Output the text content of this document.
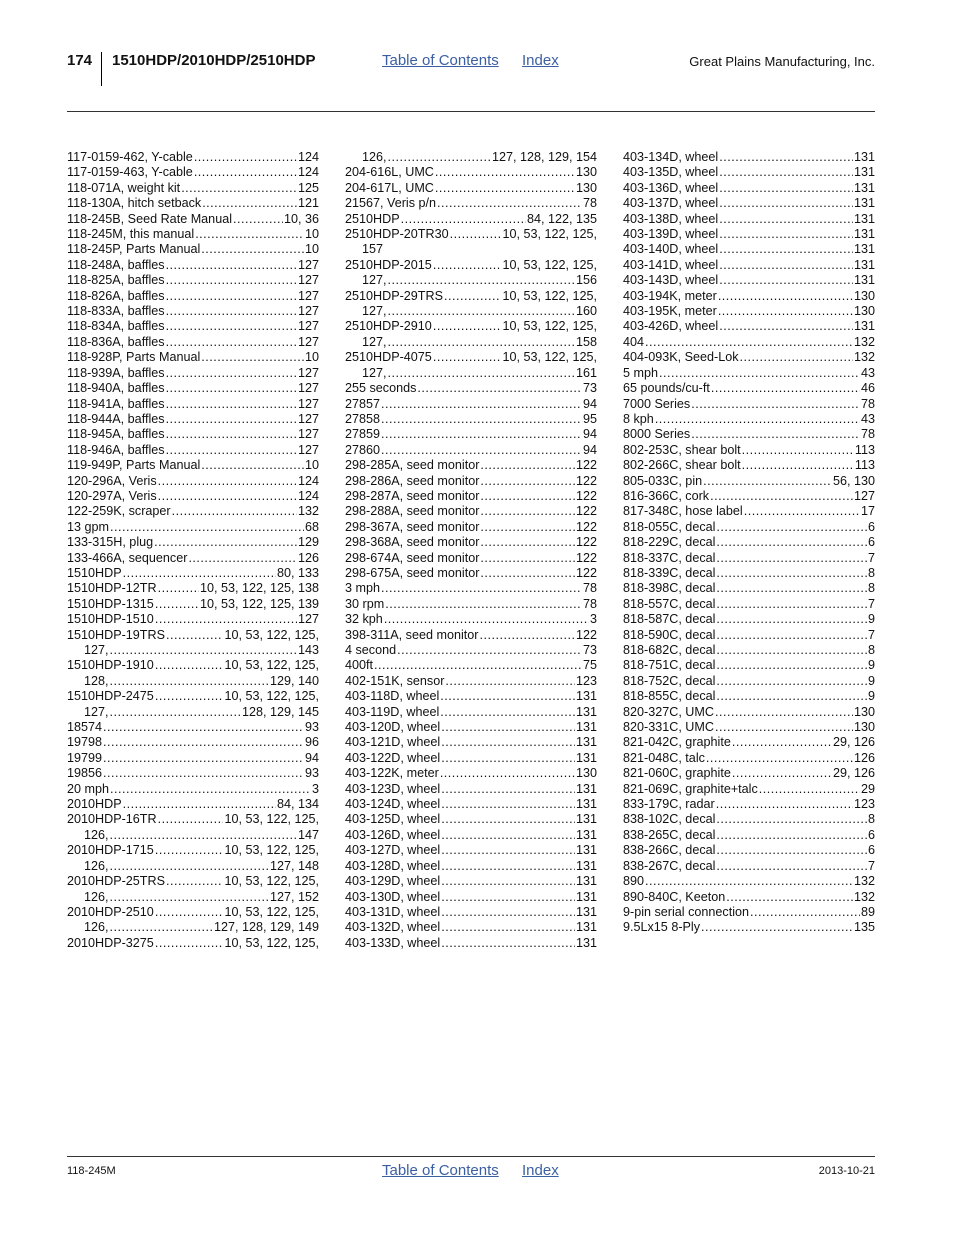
174 1510HDP/2010HDP/2510HDP	Table of Contents Index	Great Plains Manufacturing, Inc.
117-0159-462, Y-cable .....	124
117-0159-463, Y-cable .....	124
118-071A, weight kit .....	125
118-130A, hitch setback .....	121
118-245B, Seed Rate Manual .....	10, 36
118-245M, this manual .....	10
118-245P, Parts Manual .....	10
118-248A, baffles .....	127
118-825A, baffles .....	127
118-826A, baffles .....	127
118-833A, baffles .....	127
118-834A, baffles .....	127
118-836A, baffles .....	127
118-928P, Parts Manual .....	10
118-939A, baffles .....	127
118-940A, baffles .....	127
118-941A, baffles .....	127
118-944A, baffles .....	127
118-945A, baffles .....	127
118-946A, baffles .....	127
119-949P, Parts Manual .....	10
120-296A, Veris .....	124
120-297A, Veris .....	124
122-259K, scraper .....	132
13 gpm .....	68
133-315H, plug .....	129
133-466A, sequencer .....	126
1510HDP .....	80, 133
1510HDP-12TR .....	10, 53, 122, 125, 138
1510HDP-1315 .....	10, 53, 122, 125, 139
1510HDP-1510 .....	127
1510HDP-19TRS .....	10, 53, 122, 125,
127, .....	143
1510HDP-1910 .....	10, 53, 122, 125,
128, .....	129, 140
1510HDP-2475 .....	10, 53, 122, 125,
127, .....	128, 129, 145
18574 .....	93
19798 .....	96
19799 .....	94
19856 .....	93
20 mph .....	3
2010HDP .....	84, 134
2010HDP-16TR .....	10, 53, 122, 125,
126, .....	147
2010HDP-1715 .....	10, 53, 122, 125,
126, .....	127, 148
2010HDP-25TRS .....	10, 53, 122, 125,
126, .....	127, 152
2010HDP-2510 .....	10, 53, 122, 125,
126, .....	127, 128, 129, 149
2010HDP-3275 .....	10, 53, 122, 125,
126, .....	127, 128, 129, 154
204-616L, UMC .....	130
204-617L, UMC .....	130
21567, Veris p/n .....	78
2510HDP .....	84, 122, 135
2510HDP-20TR30 .....	10, 53, 122, 125,
157
2510HDP-2015 .....	10, 53, 122, 125,
127, .....	156
2510HDP-29TRS .....	10, 53, 122, 125,
127, .....	160
2510HDP-2910 .....	10, 53, 122, 125,
127, .....	158
2510HDP-4075 .....	10, 53, 122, 125,
127, .....	161
255 seconds .....	73
27857 .....	94
27858 .....	95
27859 .....	94
27860 .....	94
298-285A, seed monitor .....	122
298-286A, seed monitor .....	122
298-287A, seed monitor .....	122
298-288A, seed monitor .....	122
298-367A, seed monitor .....	122
298-368A, seed monitor .....	122
298-674A, seed monitor .....	122
298-675A, seed monitor .....	122
3 mph .....	78
30 rpm .....	78
32 kph .....	3
398-311A, seed monitor .....	122
4 second .....	73
400ft .....	75
402-151K, sensor .....	123
403-118D, wheel .....	131
403-119D, wheel .....	131
403-120D, wheel .....	131
403-121D, wheel .....	131
403-122D, wheel .....	131
403-122K, meter .....	130
403-123D, wheel .....	131
403-124D, wheel .....	131
403-125D, wheel .....	131
403-126D, wheel .....	131
403-127D, wheel .....	131
403-128D, wheel .....	131
403-129D, wheel .....	131
403-130D, wheel .....	131
403-131D, wheel .....	131
403-132D, wheel .....	131
403-133D, wheel .....	131
403-134D, wheel .....	131
403-135D, wheel .....	131
403-136D, wheel .....	131
403-137D, wheel .....	131
403-138D, wheel .....	131
403-139D, wheel .....	131
403-140D, wheel .....	131
403-141D, wheel .....	131
403-143D, wheel .....	131
403-194K, meter .....	130
403-195K, meter .....	130
403-426D, wheel .....	131
404 .....	132
404-093K, Seed-Lok .....	132
5 mph .....	43
65 pounds/cu-ft .....	46
7000 Series .....	78
8 kph .....	43
8000 Series .....	78
802-253C, shear bolt .....	113
802-266C, shear bolt .....	113
805-033C, pin .....	56, 130
816-366C, cork .....	127
817-348C, hose label .....	17
818-055C, decal .....	6
818-229C, decal .....	6
818-337C, decal .....	7
818-339C, decal .....	8
818-398C, decal .....	8
818-557C, decal .....	7
818-587C, decal .....	9
818-590C, decal .....	7
818-682C, decal .....	8
818-751C, decal .....	9
818-752C, decal .....	9
818-855C, decal .....	9
820-327C, UMC .....	130
820-331C, UMC .....	130
821-042C, graphite .....	29, 126
821-048C, talc .....	126
821-060C, graphite .....	29, 126
821-069C, graphite+talc .....	29
833-179C, radar .....	123
838-102C, decal .....	8
838-265C, decal .....	6
838-266C, decal .....	6
838-267C, decal .....	7
890 .....	132
890-840C, Keeton .....	132
9-pin serial connection .....	89
9.5Lx15 8-Ply .....	135
118-245M	Table of Contents Index	2013-10-21
